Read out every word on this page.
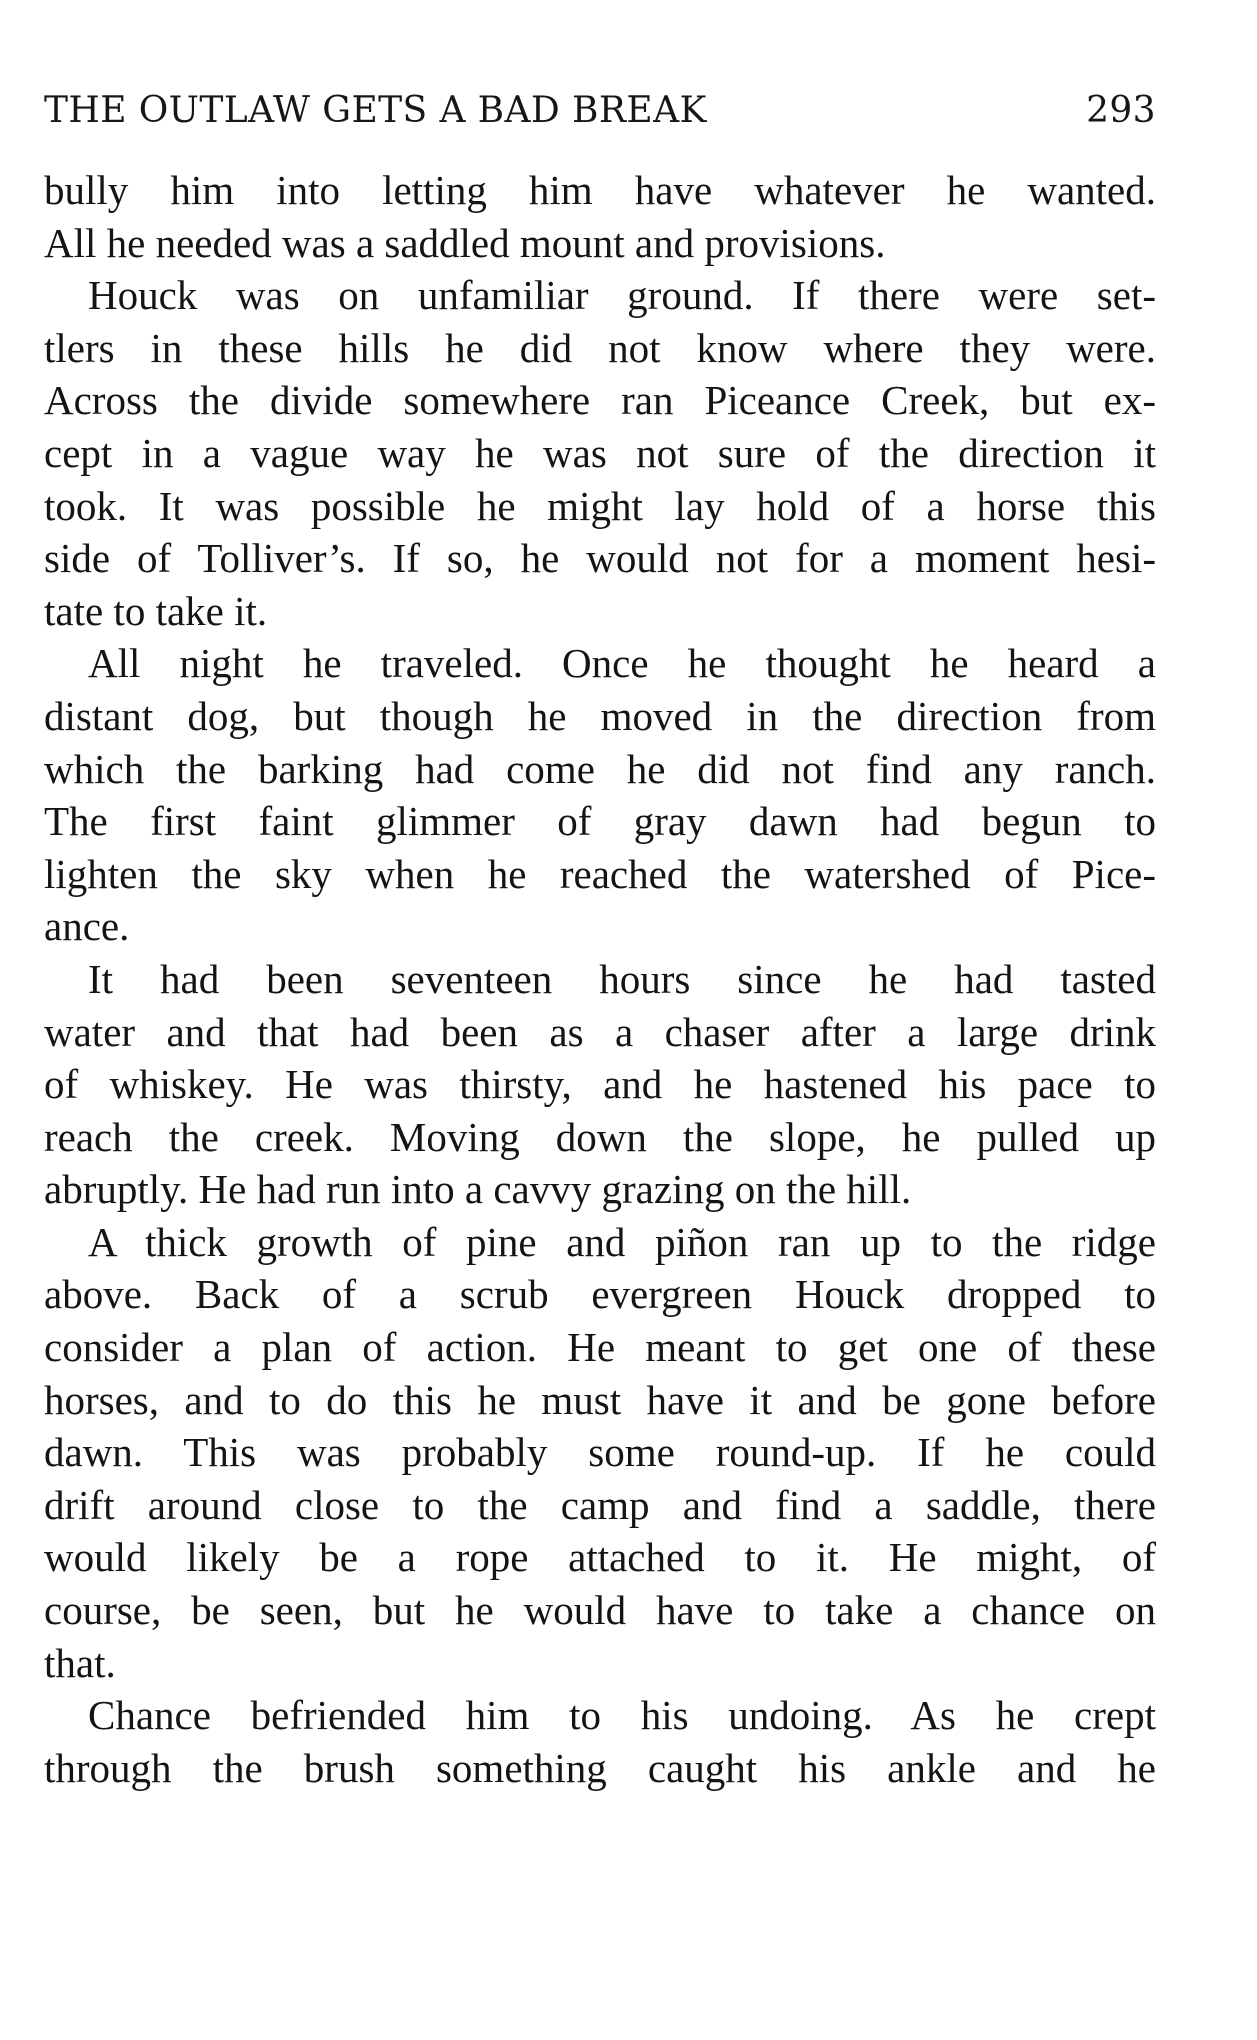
THE OUTLAW GETS A BAD BREAK	293
bully him into letting him have whatever he wanted.
All he needed was a saddled mount and provisions.
Houck was on unfamiliar ground. If there were set-
tlers in these hills he did not know where they were.
Across the divide somewhere ran Piceance Creek, but ex-
cept in a vague way he was not sure of the direction it
took. It was possible he might lay hold of a horse this
side of Tolliver’s. If so, he would not for a moment hesi-
tate to take it.
All night he traveled. Once he thought he heard a
distant dog, but though he moved in the direction from
which the barking had come he did not find any ranch.
The first faint glimmer of gray dawn had begun to
lighten the sky when he reached the watershed of Pice-
ance.
It had been seventeen hours since he had tasted
water and that had been as a chaser after a large drink
of whiskey. He was thirsty, and he hastened his pace to
reach the creek. Moving down the slope, he pulled up
abruptly. He had run into a cavvy grazing on the hill.
A thick growth of pine and piñon ran up to the ridge
above. Back of a scrub evergreen Houck dropped to
consider a plan of action. He meant to get one of these
horses, and to do this he must have it and be gone before
dawn. This was probably some round-up. If he could
drift around close to the camp and find a saddle, there
would likely be a rope attached to it. He might, of
course, be seen, but he would have to take a chance on
that.
Chance befriended him to his undoing. As he crept
through the brush something caught his ankle and he
